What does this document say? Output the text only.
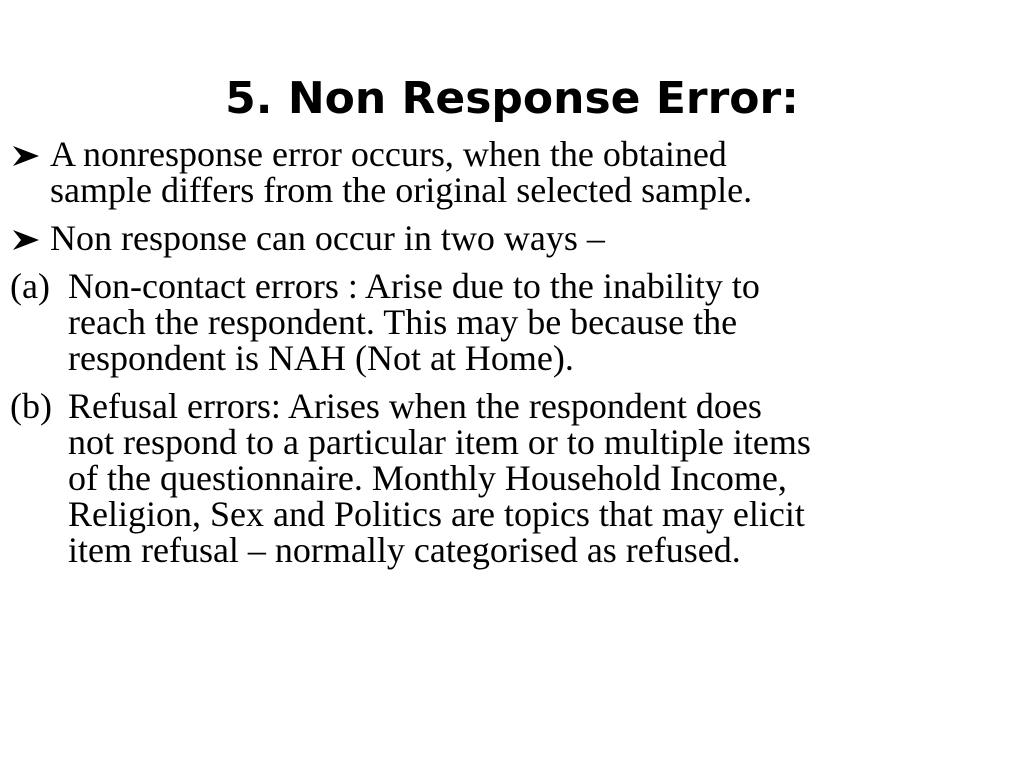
5. Non Response Error:
A nonresponse error occurs, when the obtained
sample differs from the original selected sample.
Non response can occur in two ways –
(a) Non-contact errors : Arise due to the inability to
reach the respondent. This may be because the
respondent is NAH (Not at Home).
(b) Refusal errors: Arises when the respondent does
not respond to a particular item or to multiple items
of the questionnaire. Monthly Household Income,
Religion, Sex and Politics are topics that may elicit
item refusal – normally categorised as refused.
